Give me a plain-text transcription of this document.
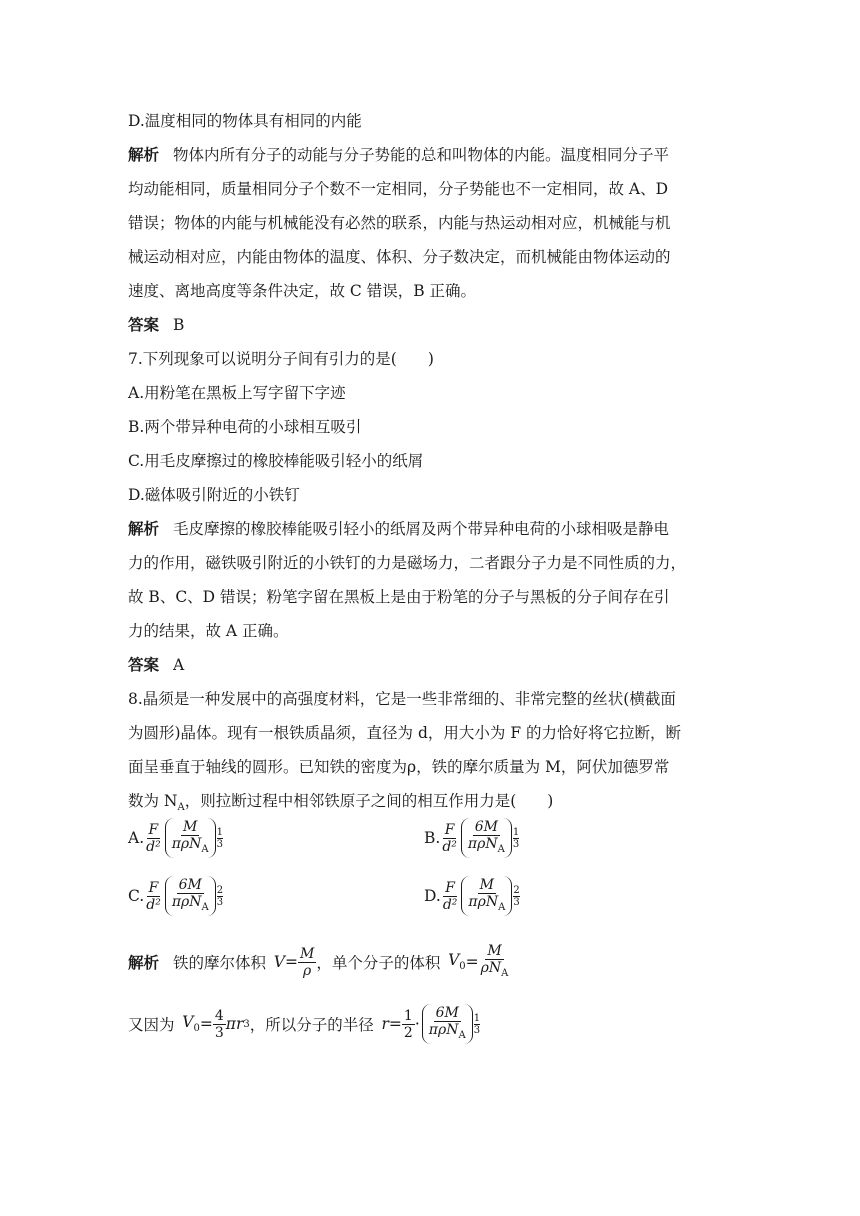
D.温度相同的物体具有相同的内能
解析 物体内所有分子的动能与分子势能的总和叫物体的内能。温度相同分子平
均动能相同，质量相同分子个数不一定相同，分子势能也不一定相同，故 A、D
错误；物体的内能与机械能没有必然的联系，内能与热运动相对应，机械能与机
械运动相对应，内能由物体的温度、体积、分子数决定，而机械能由物体运动的
速度、离地高度等条件决定，故 C 错误，B 正确。
答案 B
7.下列现象可以说明分子间有引力的是(　　)
A.用粉笔在黑板上写字留下字迹
B.两个带异种电荷的小球相互吸引
C.用毛皮摩擦过的橡胶棒能吸引轻小的纸屑
D.磁体吸引附近的小铁钉
解析 毛皮摩擦的橡胶棒能吸引轻小的纸屑及两个带异种电荷的小球相吸是静电
力的作用，磁铁吸引附近的小铁钉的力是磁场力，二者跟分子力是不同性质的力，
故 B、C、D 错误；粉笔字留在黑板上是由于粉笔的分子与黑板的分子间存在引
力的结果，故 A 正确。
答案 A
8.晶须是一种发展中的高强度材料，它是一些非常细的、非常完整的丝状(横截面
为圆形)晶体。现有一根铁质晶须，直径为 d，用大小为 F 的力恰好将它拉断，断
面呈垂直于轴线的圆形。已知铁的密度为ρ，铁的摩尔质量为 M，阿伏加德罗常
数为 $N_A$，则拉断过程中相邻铁原子之间的相互作用力是(　　)
A. $\frac{F}{\text{d²}} \frac{M}{\pi\rho N_A} \frac{1}{3}$	B. $\frac{F}{\text{d²}} \frac{6M}{\pi\rho N_A} \frac{1}{3}$
C. $\frac{F}{\text{d²}} \frac{6M}{\pi\rho N_A} \frac{2}{3}$	D. $\frac{F}{\text{d²}} \frac{M}{\pi\rho N_A} \frac{2}{3}$
解析 铁的摩尔体积  $V= \frac{M}{\rho}$ ，单个分子的体积  $V_0 = \frac{M}{\rho N_A}$
又因为  $V_0 = \frac{4}{3}$ πr 3 ，所以分子的半径  $r= \frac{1}{2} \cdot \frac{6M}{\pi\rho N_A} \frac{1}{3}$
